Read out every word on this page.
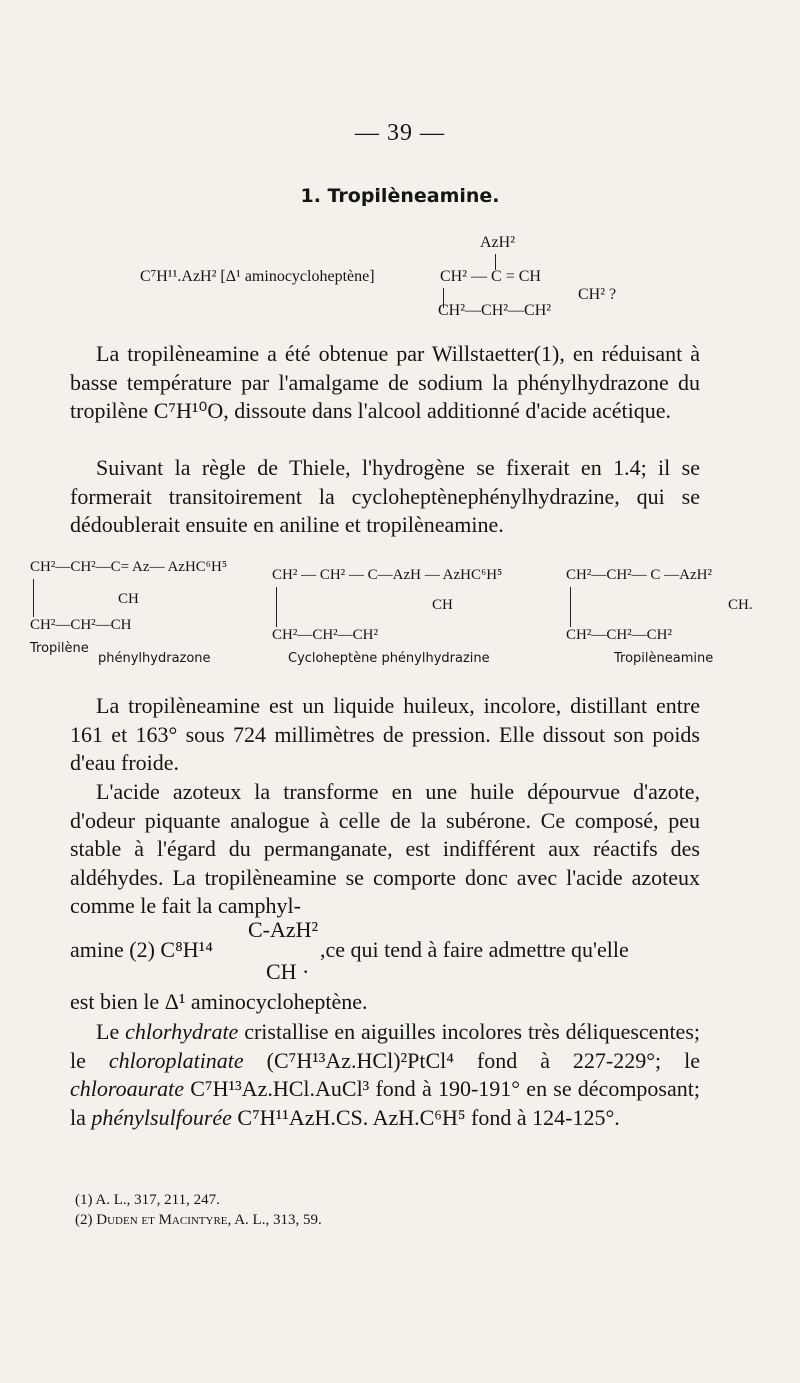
— 39 —
1. Tropilèneamine.
AzH²
C⁷H¹¹.AzH² [Δ¹ aminocycloheptène]	CH² — C = CH
CH² ?
CH²—CH²—CH²
La tropilèneamine a été obtenue par Willstaetter(1), en réduisant à basse température par l'amalgame de sodium la phénylhydrazone du tropilène C⁷H¹⁰O, dissoute dans l'alcool additionné d'acide acétique.
Suivant la règle de Thiele, l'hydrogène se fixerait en 1.4; il se formerait transitoirement la cycloheptènephénylhydrazine, qui se dédoublerait ensuite en aniline et tropilèneamine.
CH²—CH²—C= Az— AzHC⁶H⁵
CH
CH²—CH²—CH
Tropilène
phénylhydrazone
CH² — CH² — C—AzH — AzHC⁶H⁵
CH
CH²—CH²—CH²
Cycloheptène phénylhydrazine
CH²—CH²— C —AzH²
CH.
CH²—CH²—CH²
Tropilèneamine
La tropilèneamine est un liquide huileux, incolore, distillant entre 161 et 163° sous 724 millimètres de pression. Elle dissout son poids d'eau froide.
L'acide azoteux la transforme en une huile dépourvue d'azote, d'odeur piquante analogue à celle de la subérone. Ce composé, peu stable à l'égard du permanganate, est indifférent aux réactifs des aldéhydes. La tropilèneamine se comporte donc avec l'acide azoteux comme le fait la camphyl-
C-AzH²
amine (2) C⁸H¹⁴	,ce qui tend à faire admettre qu'elle
CH ·
est bien le Δ¹ aminocycloheptène.
Le chlorhydrate cristallise en aiguilles incolores très déliquescentes; le chloroplatinate (C⁷H¹³Az.HCl)²PtCl⁴ fond à 227-229°; le chloroaurate C⁷H¹³Az.HCl.AuCl³ fond à 190-191° en se décomposant; la phénylsulfourée C⁷H¹¹AzH.CS. AzH.C⁶H⁵ fond à 124-125°.
(1) A. L., 317, 211, 247.
(2) Duden et Macintyre, A. L., 313, 59.
